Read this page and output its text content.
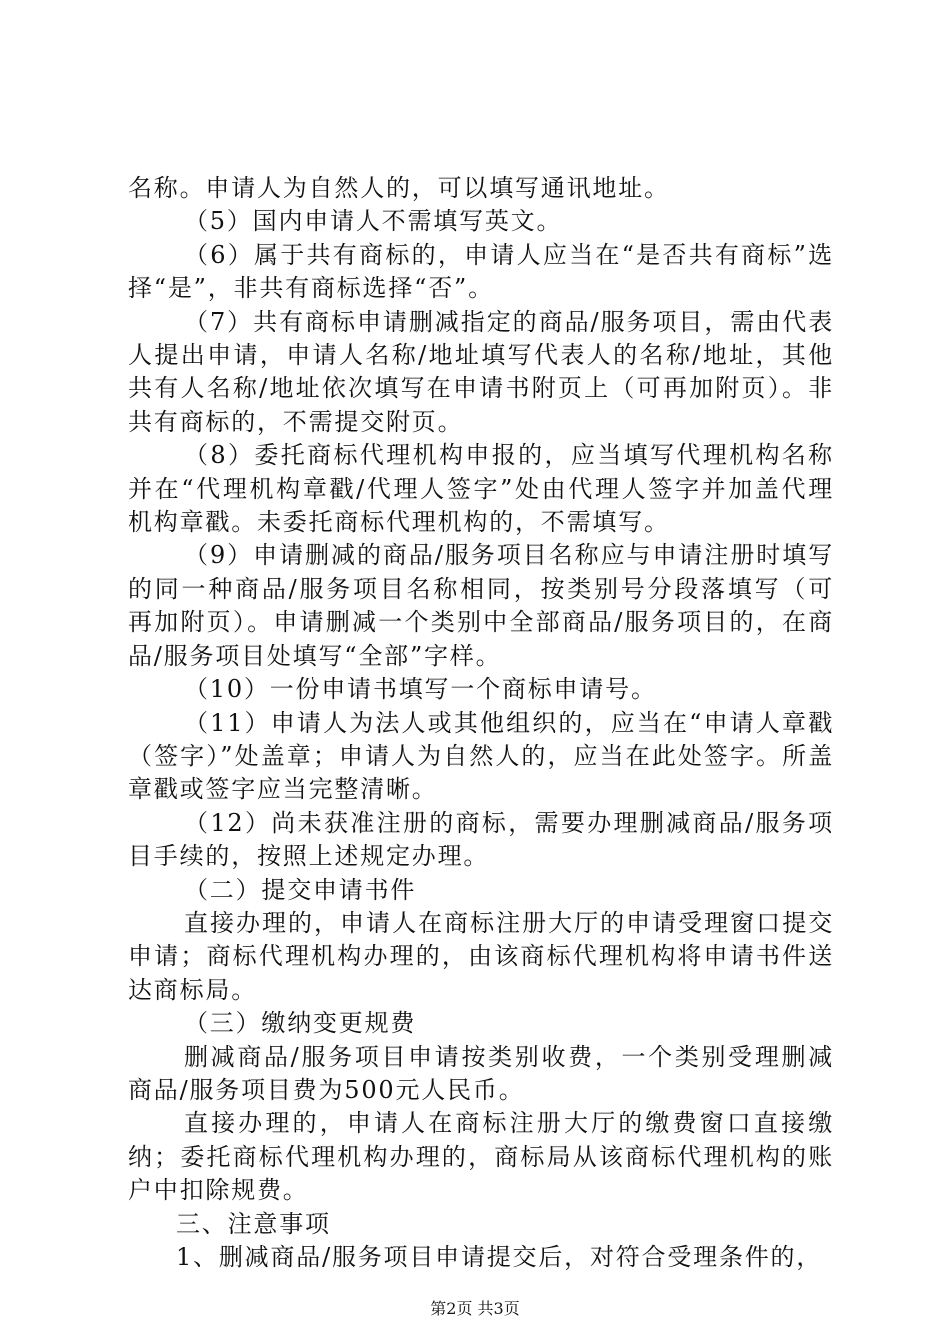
名称。申请人为自然人的，可以填写通讯地址。

（5）国内申请人不需填写英文。

（6）属于共有商标的，申请人应当在“是否共有商标”选择“是”，非共有商标选择“否”。

（7）共有商标申请删减指定的商品/服务项目，需由代表人提出申请，申请人名称/地址填写代表人的名称/地址，其他共有人名称/地址依次填写在申请书附页上（可再加附页）。非共有商标的，不需提交附页。

（8）委托商标代理机构申报的，应当填写代理机构名称并在“代理机构章戳/代理人签字”处由代理人签字并加盖代理机构章戳。未委托商标代理机构的，不需填写。

（9）申请删减的商品/服务项目名称应与申请注册时填写的同一种商品/服务项目名称相同，按类别号分段落填写（可再加附页）。申请删减一个类别中全部商品/服务项目的，在商品/服务项目处填写“全部”字样。

（10）一份申请书填写一个商标申请号。

（11）申请人为法人或其他组织的，应当在“申请人章戳（签字）”处盖章；申请人为自然人的，应当在此处签字。所盖章戳或签字应当完整清晰。

（12）尚未获准注册的商标，需要办理删减商品/服务项目手续的，按照上述规定办理。

（二）提交申请书件

直接办理的，申请人在商标注册大厅的申请受理窗口提交申请；商标代理机构办理的，由该商标代理机构将申请书件送达商标局。

（三）缴纳变更规费

删减商品/服务项目申请按类别收费，一个类别受理删减商品/服务项目费为500元人民币。

直接办理的，申请人在商标注册大厅的缴费窗口直接缴纳；委托商标代理机构办理的，商标局从该商标代理机构的账户中扣除规费。

三、注意事项

1、删减商品/服务项目申请提交后，对符合受理条件的，

第2页 共3页
